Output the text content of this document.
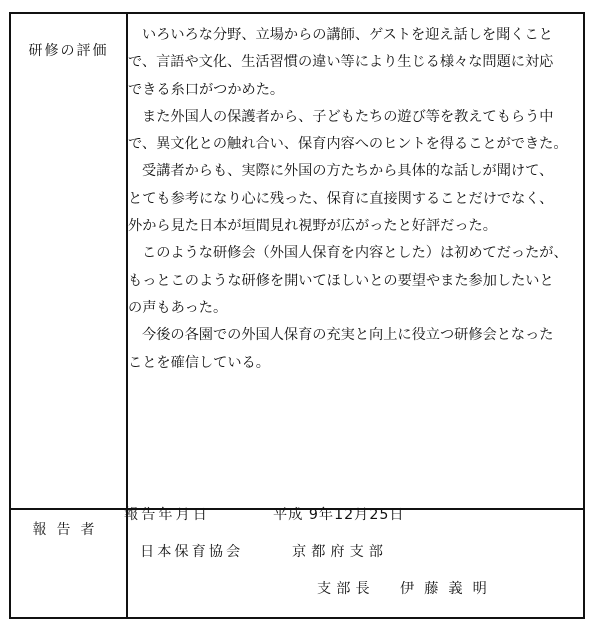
研修の評価
報告者
いろいろな分野、立場からの講師、ゲストを迎え話しを聞くこと
で、言語や文化、生活習慣の違い等により生じる様々な問題に対応
できる糸口がつかめた。
また外国人の保護者から、子どもたちの遊び等を教えてもらう中
で、異文化との触れ合い、保育内容へのヒントを得ることができた。
受講者からも、実際に外国の方たちから具体的な話しが聞けて、
とても参考になり心に残った、保育に直接関することだけでなく、
外から見た日本が垣間見れ視野が広がったと好評だった。
このような研修会（外国人保育を内容とした）は初めてだったが、
もっとこのような研修を開いてほしいとの要望やまた参加したいと
の声もあった。
今後の各園での外国人保育の充実と向上に役立つ研修会となった
ことを確信している。
報告年月日	平成 9年12月25日
日本保育協会	京都府支部
支部長 伊藤義明
